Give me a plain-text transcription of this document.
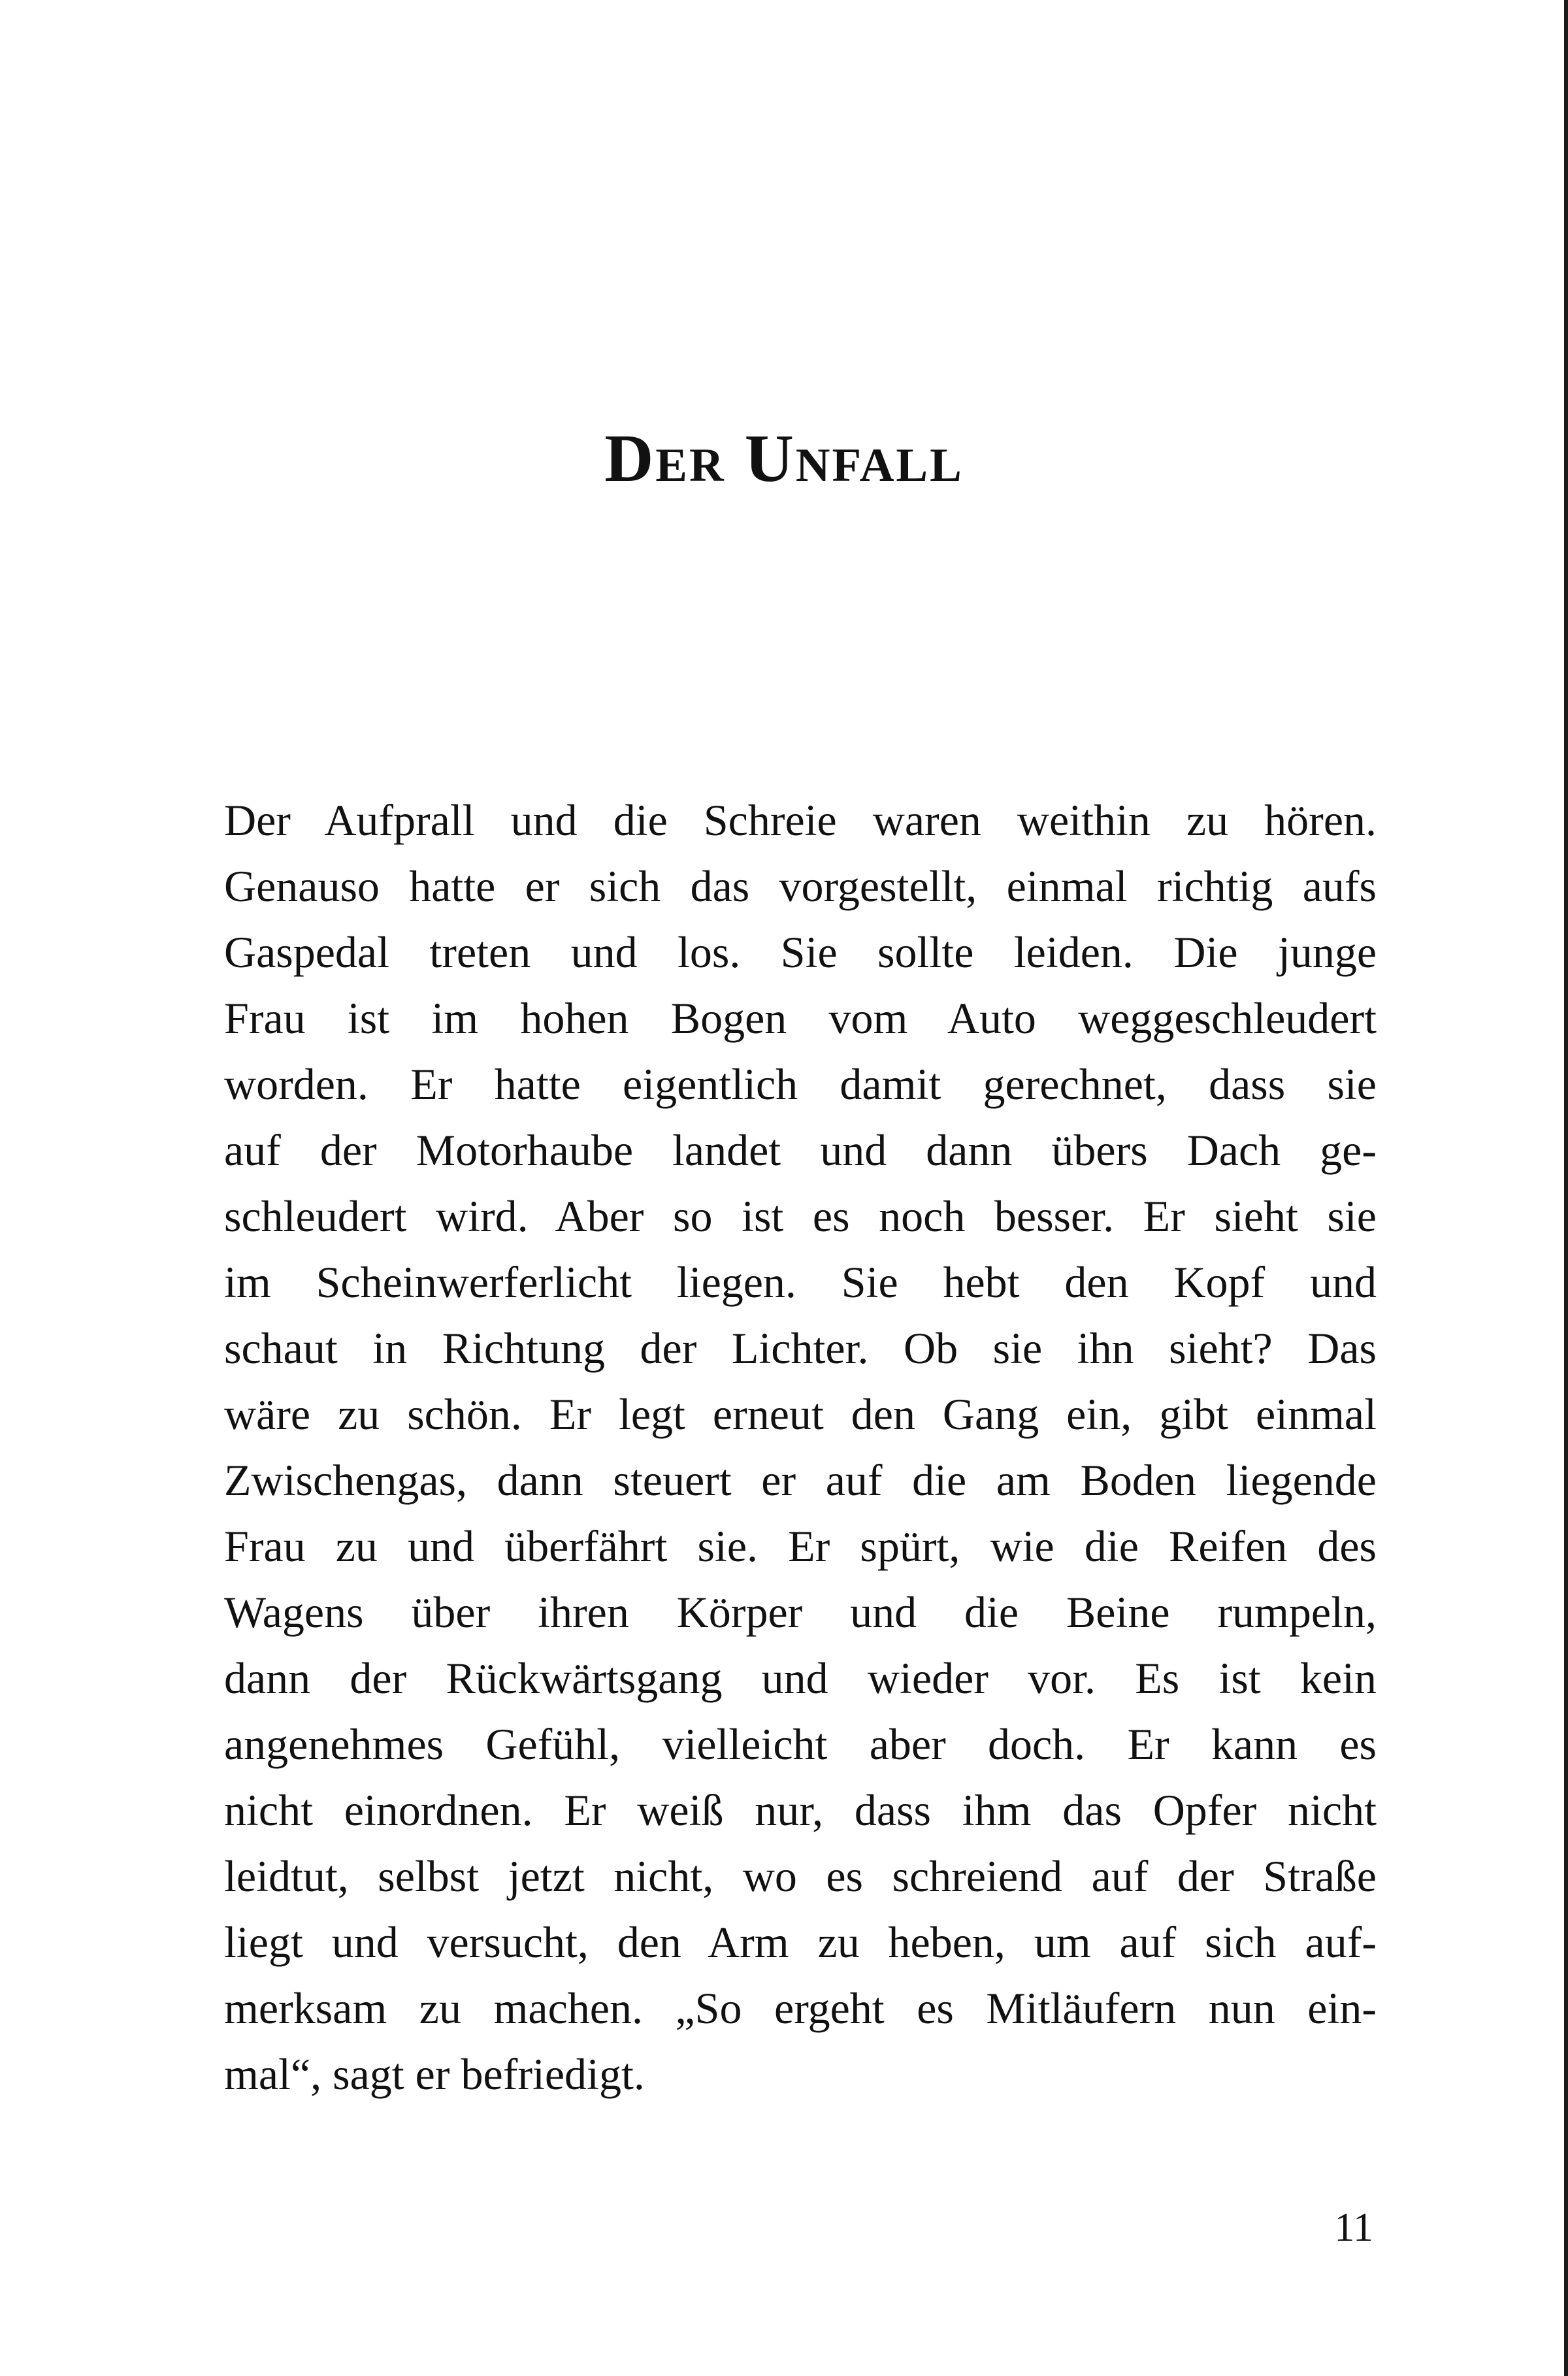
Der Unfall
Der Aufprall und die Schreie waren weithin zu hören.
Genauso hatte er sich das vorgestellt, einmal richtig aufs
Gaspedal treten und los. Sie sollte leiden. Die junge
Frau ist im hohen Bogen vom Auto weggeschleudert
worden. Er hatte eigentlich damit gerechnet, dass sie
auf der Motorhaube landet und dann übers Dach ge-
schleudert wird. Aber so ist es noch besser. Er sieht sie
im Scheinwerferlicht liegen. Sie hebt den Kopf und
schaut in Richtung der Lichter. Ob sie ihn sieht? Das
wäre zu schön. Er legt erneut den Gang ein, gibt einmal
Zwischengas, dann steuert er auf die am Boden liegende
Frau zu und überfährt sie. Er spürt, wie die Reifen des
Wagens über ihren Körper und die Beine rumpeln,
dann der Rückwärtsgang und wieder vor. Es ist kein
angenehmes Gefühl, vielleicht aber doch. Er kann es
nicht einordnen. Er weiß nur, dass ihm das Opfer nicht
leidtut, selbst jetzt nicht, wo es schreiend auf der Straße
liegt und versucht, den Arm zu heben, um auf sich auf-
merksam zu machen. „So ergeht es Mitläufern nun ein-
mal“, sagt er befriedigt.
11
